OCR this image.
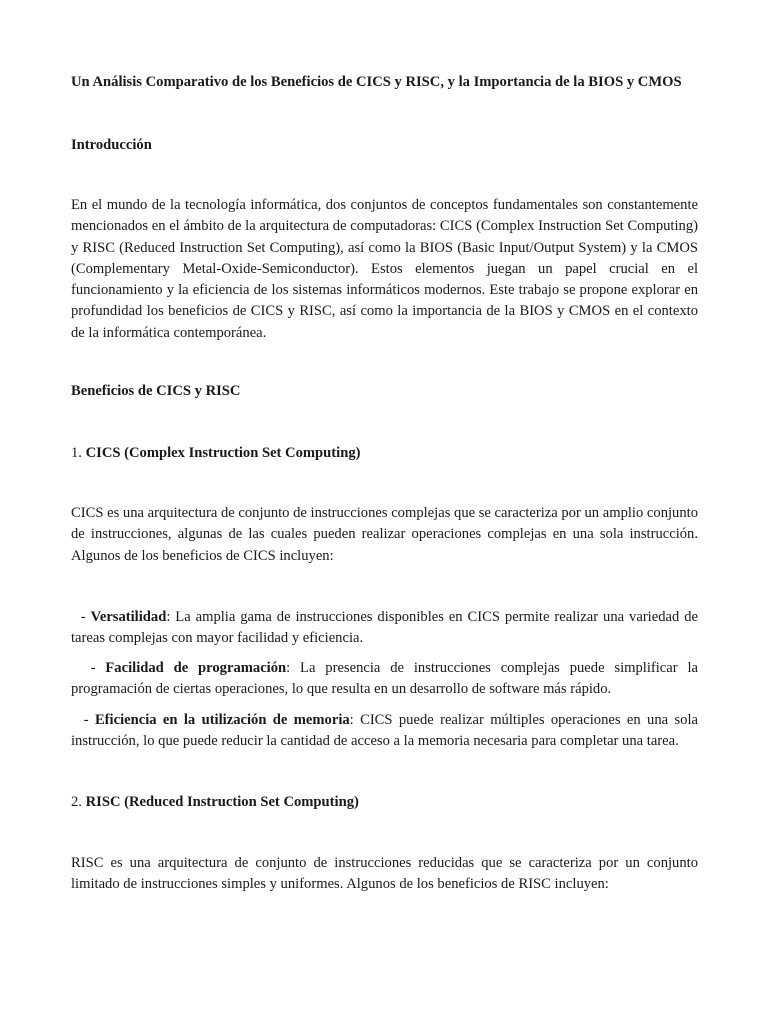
Un Análisis Comparativo de los Beneficios de CICS y RISC, y la Importancia de la BIOS y CMOS

Introducción

En el mundo de la tecnología informática, dos conjuntos de conceptos fundamentales son constantemente mencionados en el ámbito de la arquitectura de computadoras: CICS (Complex Instruction Set Computing) y RISC (Reduced Instruction Set Computing), así como la BIOS (Basic Input/Output System) y la CMOS (Complementary Metal-Oxide-Semiconductor). Estos elementos juegan un papel crucial en el funcionamiento y la eficiencia de los sistemas informáticos modernos. Este trabajo se propone explorar en profundidad los beneficios de CICS y RISC, así como la importancia de la BIOS y CMOS en el contexto de la informática contemporánea.

Beneficios de CICS y RISC

1. CICS (Complex Instruction Set Computing)

CICS es una arquitectura de conjunto de instrucciones complejas que se caracteriza por un amplio conjunto de instrucciones, algunas de las cuales pueden realizar operaciones complejas en una sola instrucción. Algunos de los beneficios de CICS incluyen:

- Versatilidad: La amplia gama de instrucciones disponibles en CICS permite realizar una variedad de tareas complejas con mayor facilidad y eficiencia.

- Facilidad de programación: La presencia de instrucciones complejas puede simplificar la programación de ciertas operaciones, lo que resulta en un desarrollo de software más rápido.

- Eficiencia en la utilización de memoria: CICS puede realizar múltiples operaciones en una sola instrucción, lo que puede reducir la cantidad de acceso a la memoria necesaria para completar una tarea.

2. RISC (Reduced Instruction Set Computing)

RISC es una arquitectura de conjunto de instrucciones reducidas que se caracteriza por un conjunto limitado de instrucciones simples y uniformes. Algunos de los beneficios de RISC incluyen:
